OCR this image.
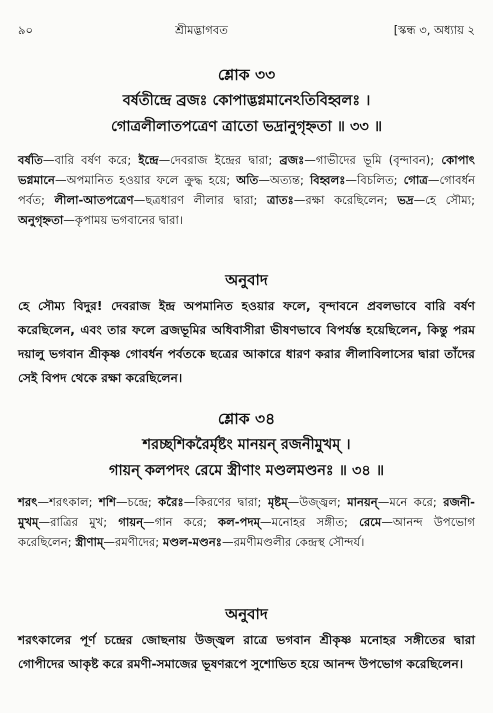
৯০	শ্রীমদ্ভাগবত	[স্কন্ধ ৩, অধ্যায় ২
শ্লোক ৩৩
বর্ষতীন্দ্রে ব্রজঃ কোপাদ্ভগ্নমানেঽতিবিহ্বলঃ ।
গোত্রলীলাতপত্রেণ ত্রাতো ভদ্রানুগৃহ্নতা ॥ ৩৩ ॥

বর্ষতি—বারি বর্ষণ করে; ইন্দ্রে—দেবরাজ ইন্দ্রের দ্বারা; ব্রজঃ—গাভীদের ভূমি (বৃন্দাবন); কোপাৎ ভগ্নমানে—অপমানিত হওয়ার ফলে ক্রুদ্ধ হয়ে; অতি—অত্যন্ত; বিহ্বলঃ—বিচলিত; গোত্র—গোবর্ধন পর্বত; লীলা-আতপত্রেণ—ছত্রধারণ লীলার দ্বারা; ত্রাতঃ—রক্ষা করেছিলেন; ভদ্র—হে সৌম্য; অনুগৃহ্নতা—কৃপাময় ভগবানের দ্বারা।

অনুবাদ

হে সৌম্য বিদুর! দেবরাজ ইন্দ্র অপমানিত হওয়ার ফলে, বৃন্দাবনে প্রবলভাবে বারি বর্ষণ করেছিলেন, এবং তার ফলে ব্রজভূমির অধিবাসীরা ভীষণভাবে বিপর্যস্ত হয়েছিলেন, কিন্তু পরম দয়ালু ভগবান শ্রীকৃষ্ণ গোবর্ধন পর্বতকে ছত্রের আকারে ধারণ করার লীলাবিলাসের দ্বারা তাঁদের সেই বিপদ থেকে রক্ষা করেছিলেন।

শ্লোক ৩৪
শরচ্ছশিকরৈর্মৃষ্টং মানয়ন্ রজনীমুখম্ ।
গায়ন্ কলপদং রেমে স্ত্রীণাং মণ্ডলমণ্ডনঃ ॥ ৩৪ ॥

শরৎ—শরৎকাল; শশি—চন্দ্রে; করৈঃ—কিরণের দ্বারা; মৃষ্টম্—উজ্জ্বল; মানয়ন্—মনে করে; রজনী-মুখম্—রাত্রির মুখ; গায়ন্—গান করে; কল-পদম্—মনোহর সঙ্গীত; রেমে—আনন্দ উপভোগ করেছিলেন; স্ত্রীণাম্—রমণীদের; মণ্ডল-মণ্ডনঃ—রমণীমণ্ডলীর কেন্দ্রস্থ সৌন্দর্য।

অনুবাদ

শরৎকালের পূর্ণ চন্দ্রের জোছনায় উজ্জ্বল রাত্রে ভগবান শ্রীকৃষ্ণ মনোহর সঙ্গীতের দ্বারা গোপীদের আকৃষ্ট করে রমণী-সমাজের ভূষণরূপে সুশোভিত হয়ে আনন্দ উপভোগ করেছিলেন।
